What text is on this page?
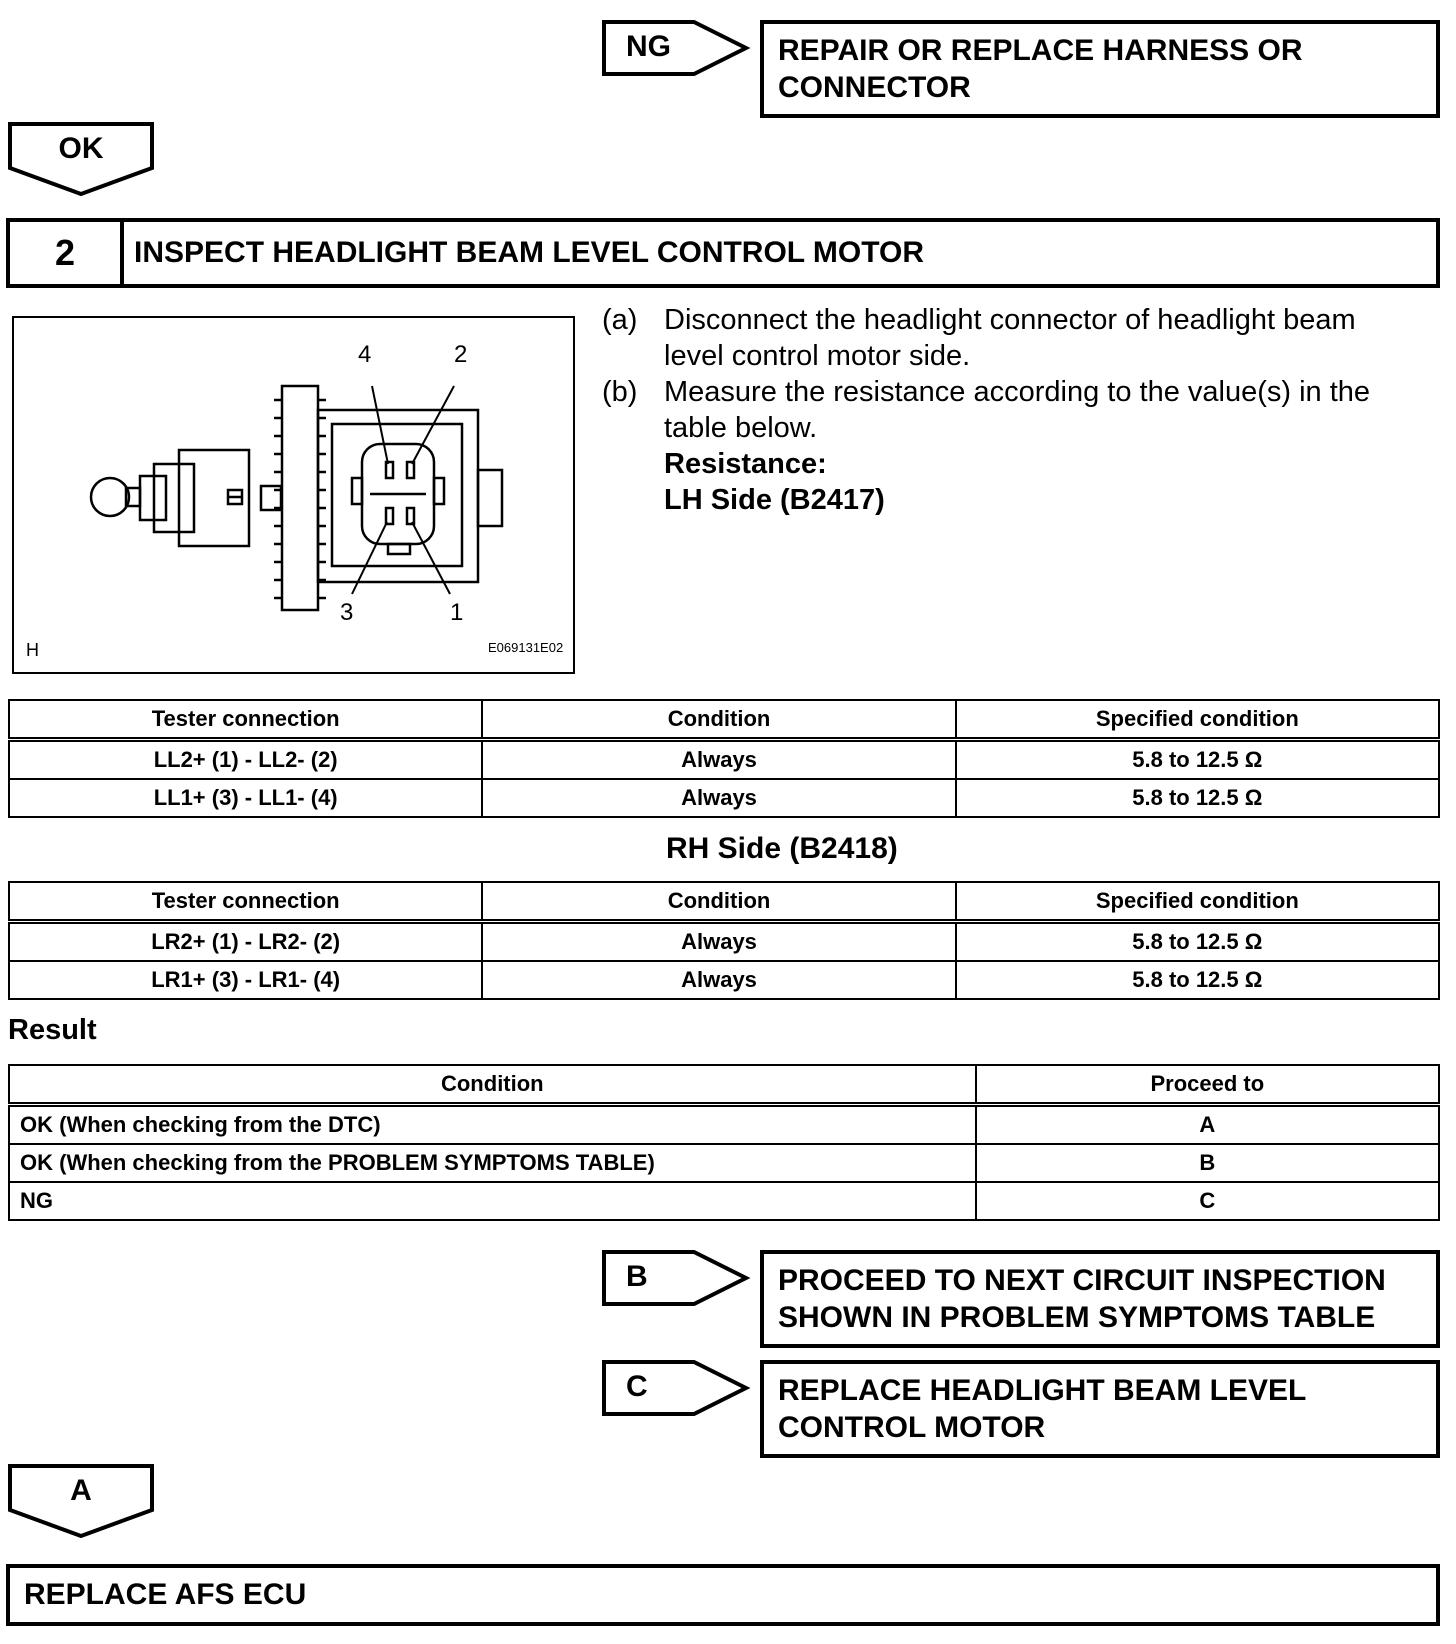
NG	REPAIR OR REPLACE HARNESS OR
CONNECTOR
OK
2	INSPECT HEADLIGHT BEAM LEVEL CONTROL MOTOR
4	2
3	1
H	E069131E02
(a) Disconnect the headlight connector of headlight beam
level control motor side.
(b) Measure the resistance according to the value(s) in the
table below.
Resistance:
LH Side (B2417)
Tester connection	Condition	Specified condition
LL2+ (1) - LL2- (2)	Always	5.8 to 12.5 Ω
LL1+ (3) - LL1- (4)	Always	5.8 to 12.5 Ω
RH Side (B2418)
Tester connection	Condition	Specified condition
LR2+ (1) - LR2- (2)	Always	5.8 to 12.5 Ω
LR1+ (3) - LR1- (4)	Always	5.8 to 12.5 Ω
Result
Condition	Proceed to
OK (When checking from the DTC)	A
OK (When checking from the PROBLEM SYMPTOMS TABLE)	B
NG	C
B	PROCEED TO NEXT CIRCUIT INSPECTION
SHOWN IN PROBLEM SYMPTOMS TABLE
C	REPLACE HEADLIGHT BEAM LEVEL
CONTROL MOTOR
A
REPLACE AFS ECU
